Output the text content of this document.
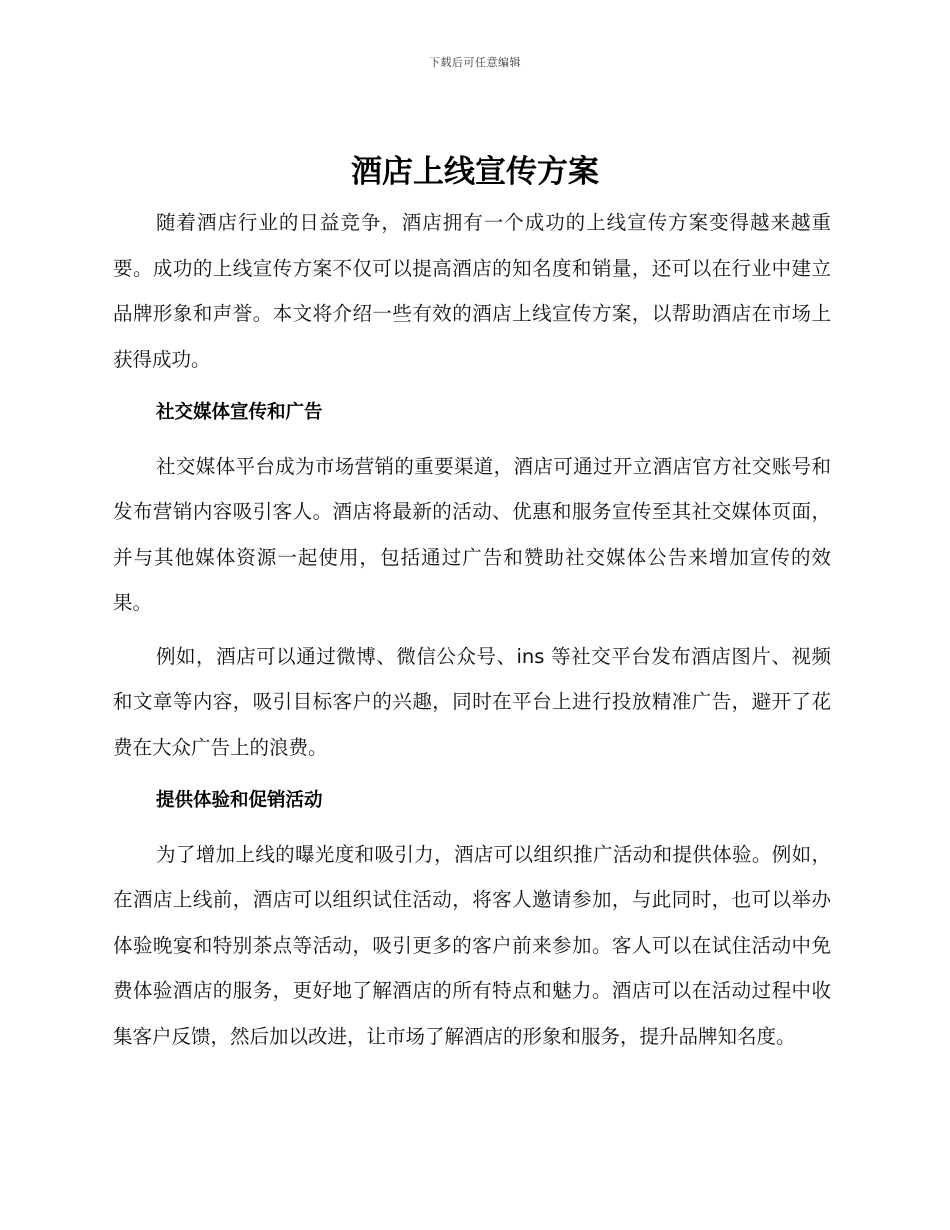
下载后可任意编辑
酒店上线宣传方案

随着酒店行业的日益竞争，酒店拥有一个成功的上线宣传方案变得越来越重要。成功的上线宣传方案不仅可以提高酒店的知名度和销量，还可以在行业中建立品牌形象和声誉。本文将介绍一些有效的酒店上线宣传方案，以帮助酒店在市场上获得成功。

社交媒体宣传和广告

社交媒体平台成为市场营销的重要渠道，酒店可通过开立酒店官方社交账号和发布营销内容吸引客人。酒店将最新的活动、优惠和服务宣传至其社交媒体页面，并与其他媒体资源一起使用，包括通过广告和赞助社交媒体公告来增加宣传的效果。

例如，酒店可以通过微博、微信公众号、ins 等社交平台发布酒店图片、视频和文章等内容，吸引目标客户的兴趣，同时在平台上进行投放精准广告，避开了花费在大众广告上的浪费。

提供体验和促销活动

为了增加上线的曝光度和吸引力，酒店可以组织推广活动和提供体验。例如，在酒店上线前，酒店可以组织试住活动，将客人邀请参加，与此同时，也可以举办体验晚宴和特别茶点等活动，吸引更多的客户前来参加。客人可以在试住活动中免费体验酒店的服务，更好地了解酒店的所有特点和魅力。酒店可以在活动过程中收集客户反馈，然后加以改进，让市场了解酒店的形象和服务，提升品牌知名度。
